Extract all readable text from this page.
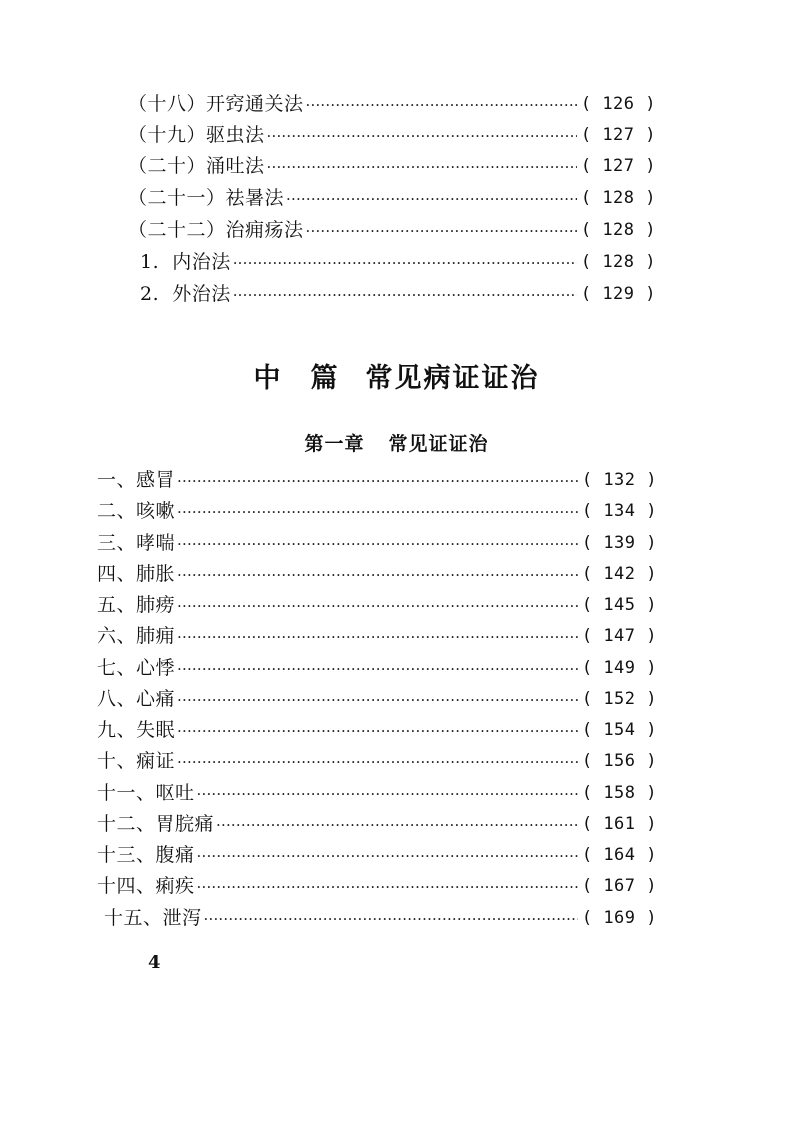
（十八）开窍通关法 ·····	( 126 )
（十九）驱虫法 ·····	( 127 )
（二十）涌吐法 ·····	( 127 )
（二十一）祛暑法 ·····	( 128 )
（二十二）治痈疡法 ·····	( 128 )
1.  内治法 ·····	( 128 )
2.  外治法 ·····	( 129 )
中 篇 常见病证证治
第一章 常见证证治
一、感冒 ·····	( 132 )
二、咳嗽 ·····	( 134 )
三、哮喘 ·····	( 139 )
四、肺胀 ·····	( 142 )
五、肺痨 ·····	( 145 )
六、肺痈 ·····	( 147 )
七、心悸 ·····	( 149 )
八、心痛 ·····	( 152 )
九、失眠 ·····	( 154 )
十、痫证 ·····	( 156 )
十一、呕吐 ·····	( 158 )
十二、胃脘痛 ·····	( 161 )
十三、腹痛 ·····	( 164 )
十四、痢疾 ·····	( 167 )
十五、泄泻 ·····	( 169 )
4
